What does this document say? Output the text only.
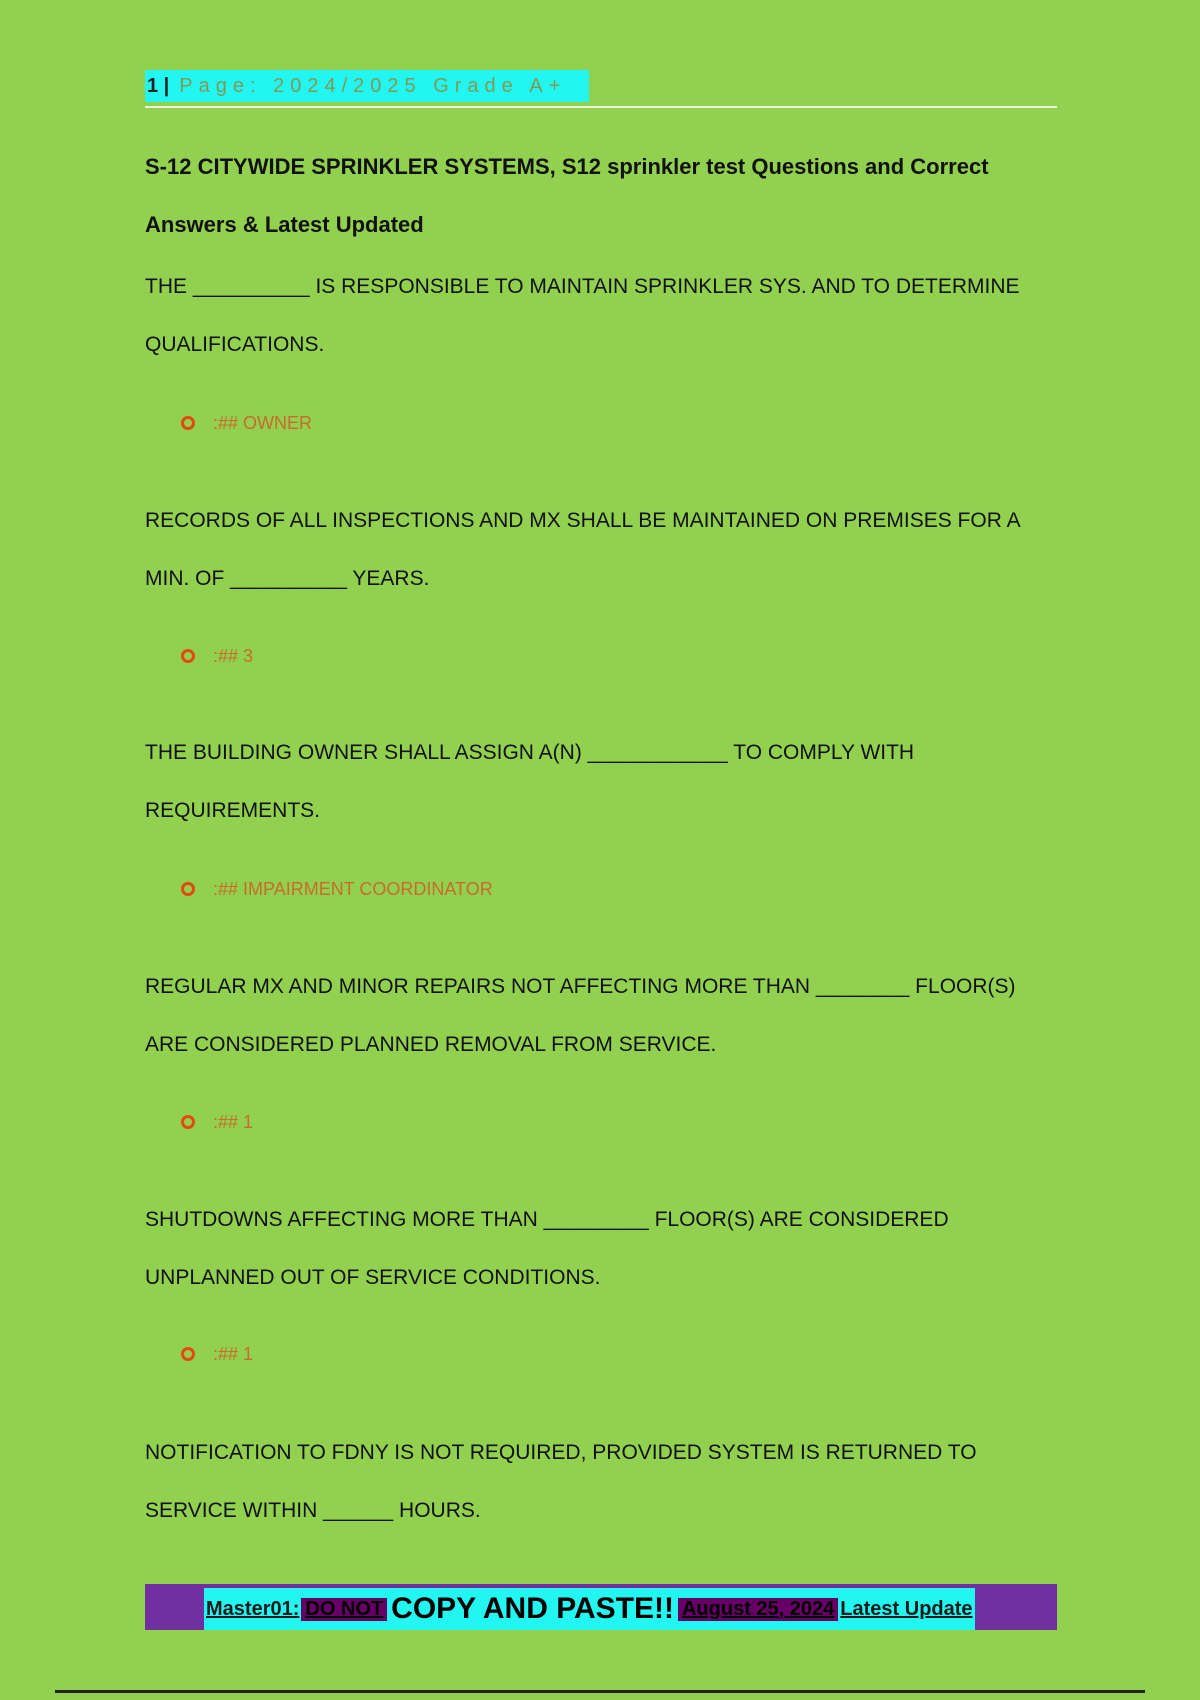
1 | Page: 2024/2025 Grade A+
S-12 CITYWIDE SPRINKLER SYSTEMS, S12 sprinkler test Questions and Correct Answers & Latest Updated
THE __________ IS RESPONSIBLE TO MAINTAIN SPRINKLER SYS. AND TO DETERMINE QUALIFICATIONS.
:## OWNER
RECORDS OF ALL INSPECTIONS AND MX SHALL BE MAINTAINED ON PREMISES FOR A MIN. OF __________ YEARS.
:## 3
THE BUILDING OWNER SHALL ASSIGN A(N) ____________ TO COMPLY WITH REQUIREMENTS.
:## IMPAIRMENT COORDINATOR
REGULAR MX AND MINOR REPAIRS NOT AFFECTING MORE THAN ________ FLOOR(S) ARE CONSIDERED PLANNED REMOVAL FROM SERVICE.
:## 1
SHUTDOWNS AFFECTING MORE THAN _________ FLOOR(S) ARE CONSIDERED UNPLANNED OUT OF SERVICE CONDITIONS.
:## 1
NOTIFICATION TO FDNY IS NOT REQUIRED, PROVIDED SYSTEM IS RETURNED TO SERVICE WITHIN ______ HOURS.
Master01: DO NOT COPY AND PASTE!! August 25, 2024 Latest Update
